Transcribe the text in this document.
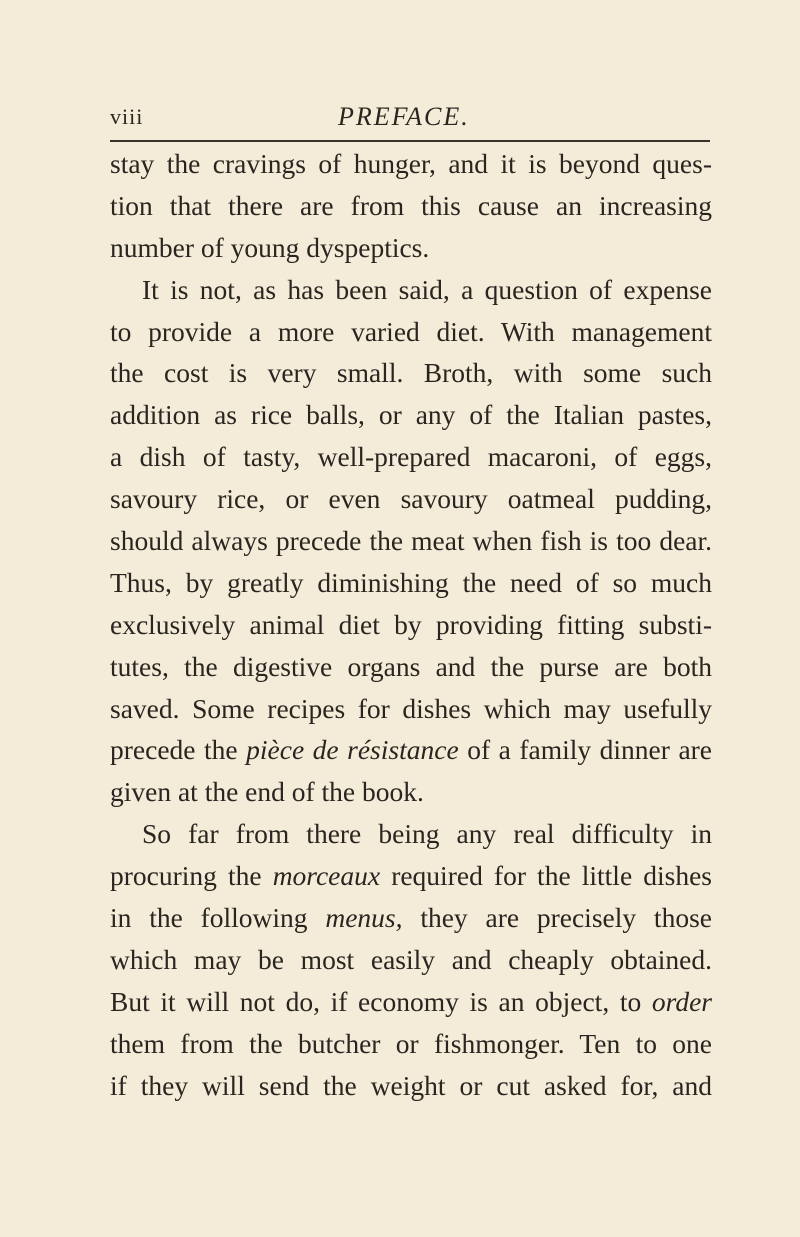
viii	PREFACE.
stay the cravings of hunger, and it is beyond ques-
tion that there are from this cause an increasing
number of young dyspeptics.
It is not, as has been said, a question of expense
to provide a more varied diet. With management
the cost is very small. Broth, with some such
addition as rice balls, or any of the Italian pastes,
a dish of tasty, well-prepared macaroni, of eggs,
savoury rice, or even savoury oatmeal pudding,
should always precede the meat when fish is too dear.
Thus, by greatly diminishing the need of so much
exclusively animal diet by providing fitting substi-
tutes, the digestive organs and the purse are both
saved. Some recipes for dishes which may usefully
precede the pièce de résistance of a family dinner are
given at the end of the book.
So far from there being any real difficulty in
procuring the morceaux required for the little dishes
in the following menus, they are precisely those
which may be most easily and cheaply obtained.
But it will not do, if economy is an object, to order
them from the butcher or fishmonger. Ten to one
if they will send the weight or cut asked for, and
